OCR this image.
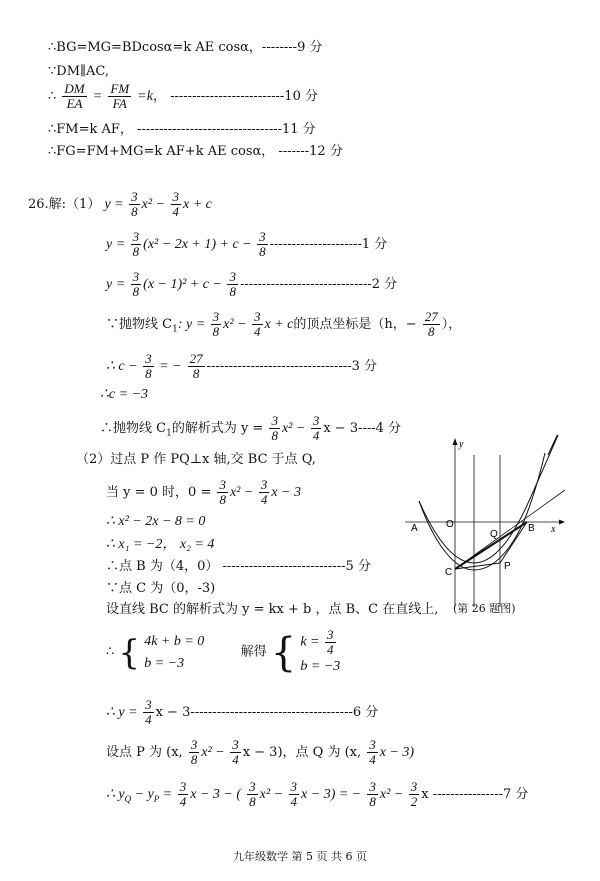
∴BG=MG=BDcosα=k AE cosα，--------9 分
∵DM∥AC,
∴ $\frac{DM}{EA} = \frac{FM}{FA} =k$， --------------------------10 分
∴FM=k AF， ---------------------------------11 分
∴FG=FM+MG=k AF+k AE cosα， -------12 分
26.解:（1） $y = \frac{3}{8} x^2 - \frac{3}{4}$ x + c
$y = \frac{3}{8} (x^2 - 2x + 1) + c - \frac{3}{8} ---------------------1$ 分
$y = \frac{3}{8} (x - 1)^2 + c - \frac{3}{8} ------------------------------2$ 分
∵抛物线 $C_1$: $y = \frac{3}{8} x^2 - \frac{3}{4}$ x + c的顶点坐标是（h，− $\frac{27}{8}$ ），
∴ $c - \frac{3}{8}$ = − $\frac{27}{8} ---------------------------------3$ 分
∴c = −3
∴抛物线 $C_1$的解析式为 $y = \frac{3}{8} x^2 - \frac{3}{4}$ x − 3----4 分
（2）过点 P 作 PQ⊥x 轴,交 BC 于点 Q,
当 y = 0 时，$0 = \frac{3}{8} x^2 - \frac{3}{4}$ x − 3
∴ x² − 2x − 8 = 0
∴ x₁ = −2， x₂ = 4
∴点 B 为（4，0） ----------------------------5 分
∵点 C 为（0，-3)
设直线 BC 的解析式为 y = kx + b ，点 B、C 在直线上,
∴ { 4k + b = 0
b = −3  解得 { $k = \frac{3}{4}$

b = −3
∴ $y = \frac{3}{4}$ x − 3-------------------------------------6 分
设点 P 为 (x, $\frac{3}{8} x^2 - \frac{3}{4}$ x − 3)，点 Q 为 (x, $\frac{3}{4}$ x − 3)
∴ $y_Q - y_P = \frac{3}{4}$ x − 3 − ( $\frac{3}{8} x^2 - \frac{3}{4}$ x − 3) = − $\frac{3}{8} x^2 - \frac{3}{2}$ x ----------------7 分
y
x
A	O
Q
B
C
P
(第 26 题图)
九年级数学 第 5 页 共 6 页
